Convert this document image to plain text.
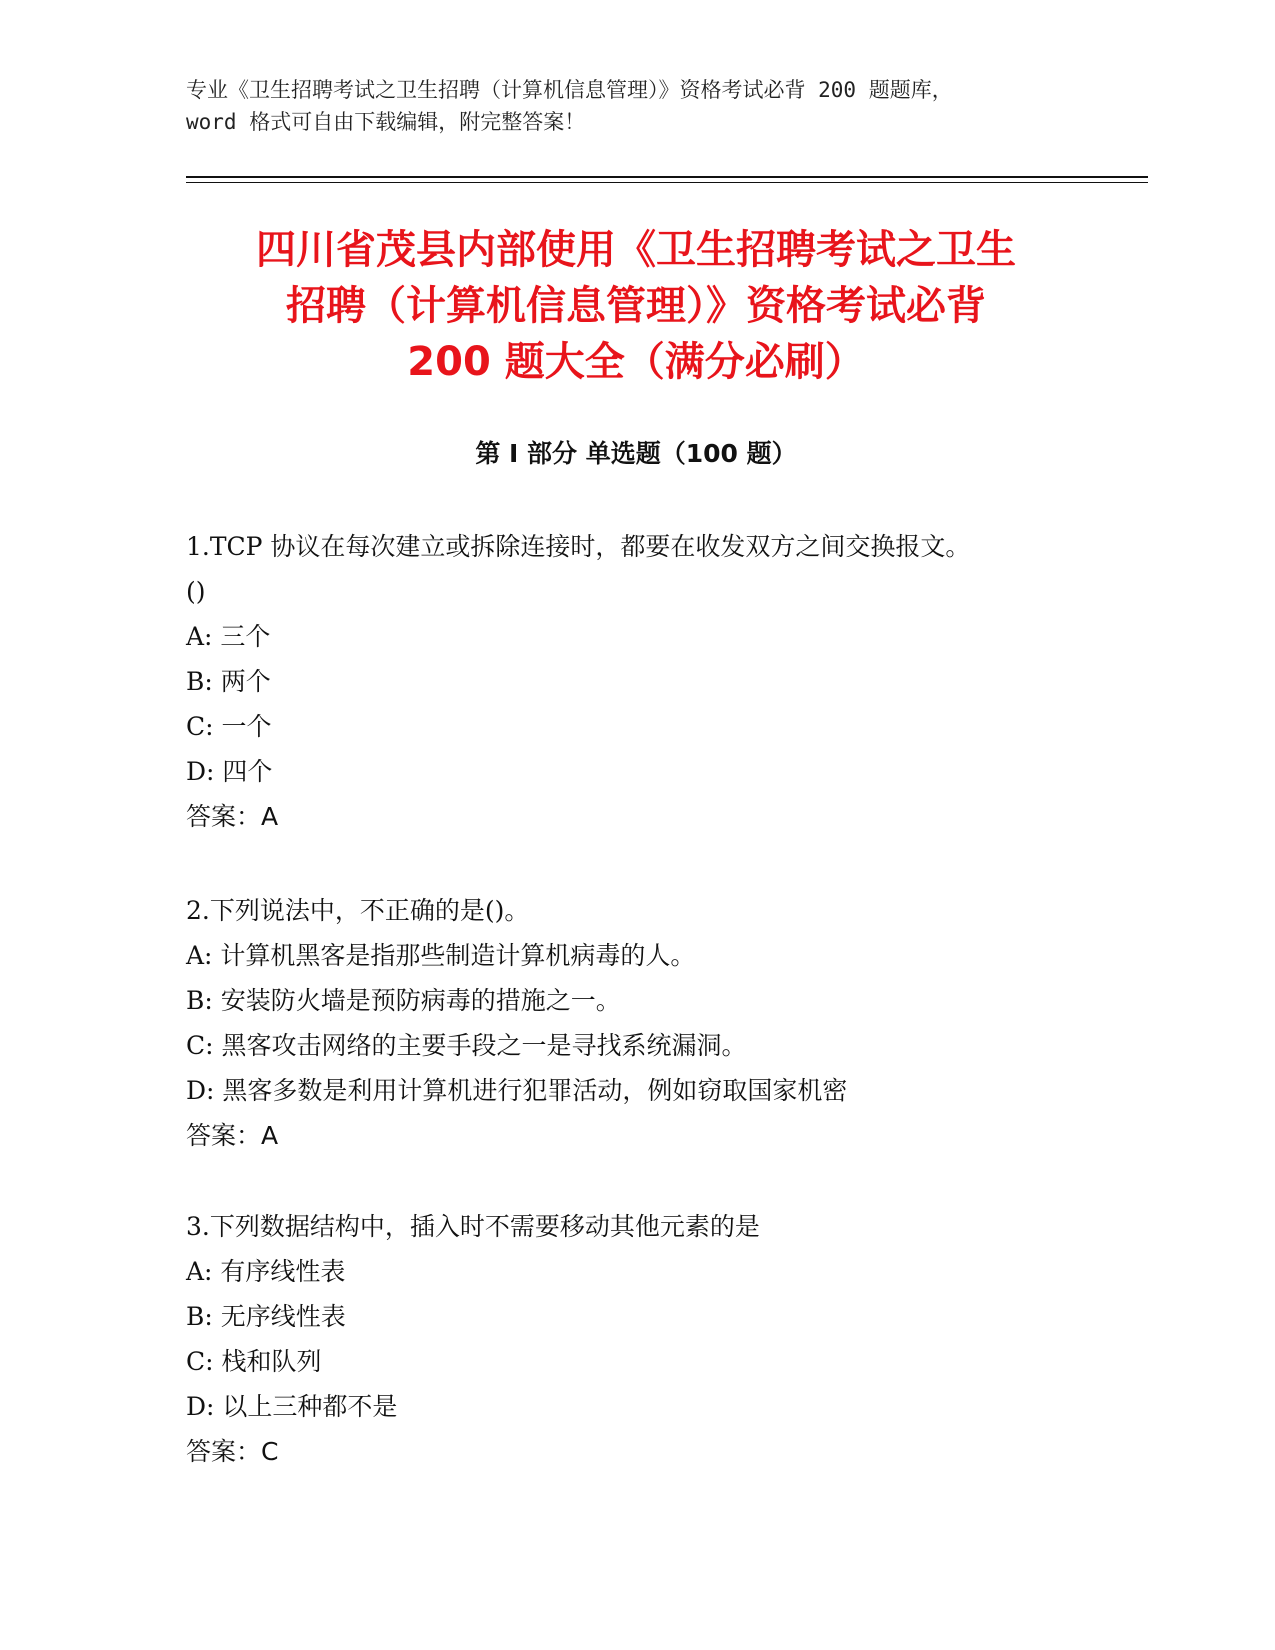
专业《卫生招聘考试之卫生招聘（计算机信息管理）》资格考试必背 200 题题库，
word 格式可自由下载编辑，附完整答案！
四川省茂县内部使用《卫生招聘考试之卫生
招聘（计算机信息管理）》资格考试必背
200 题大全（满分必刷）
第 I 部分 单选题（100 题）
1.TCP 协议在每次建立或拆除连接时，都要在收发双方之间交换报文。
()
A: 三个
B: 两个
C: 一个
D: 四个
答案：A
2.下列说法中，不正确的是()。
A: 计算机黑客是指那些制造计算机病毒的人。
B: 安装防火墙是预防病毒的措施之一。
C: 黑客攻击网络的主要手段之一是寻找系统漏洞。
D: 黑客多数是利用计算机进行犯罪活动，例如窃取国家机密
答案：A
3.下列数据结构中，插入时不需要移动其他元素的是
A: 有序线性表
B: 无序线性表
C: 栈和队列
D: 以上三种都不是
答案：C
